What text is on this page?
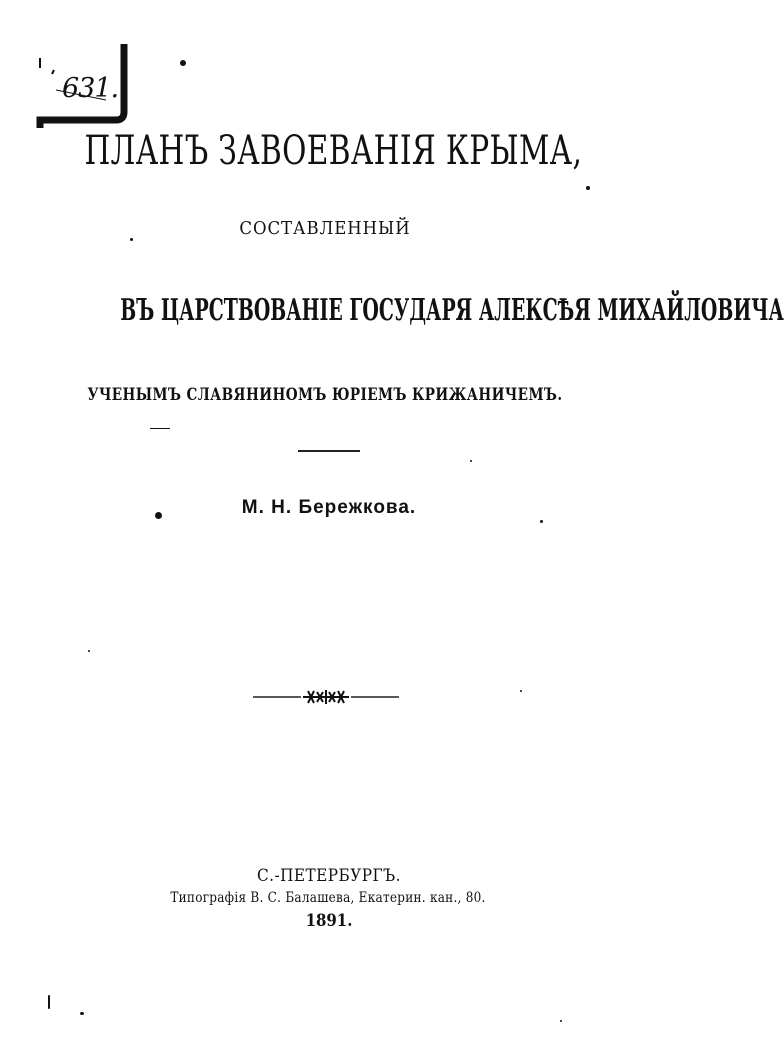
631.
ПЛАНЪ ЗАВОЕВАНІЯ КРЫМА,
СОСТАВЛЕННЫЙ
ВЪ ЦАРСТВОВАНІЕ ГОСУДАРЯ АЛЕКСѢЯ МИХАЙЛОВИЧА
УЧЕНЫМЪ СЛАВЯНИНОМЪ ЮРІЕМЪ КРИЖАНИЧЕМЪ.
М. Н. Бережкова.
С.-ПЕТЕРБУРГЪ.
Типографія В. С. Балашева, Екатерин. кан., 80.
1891.
